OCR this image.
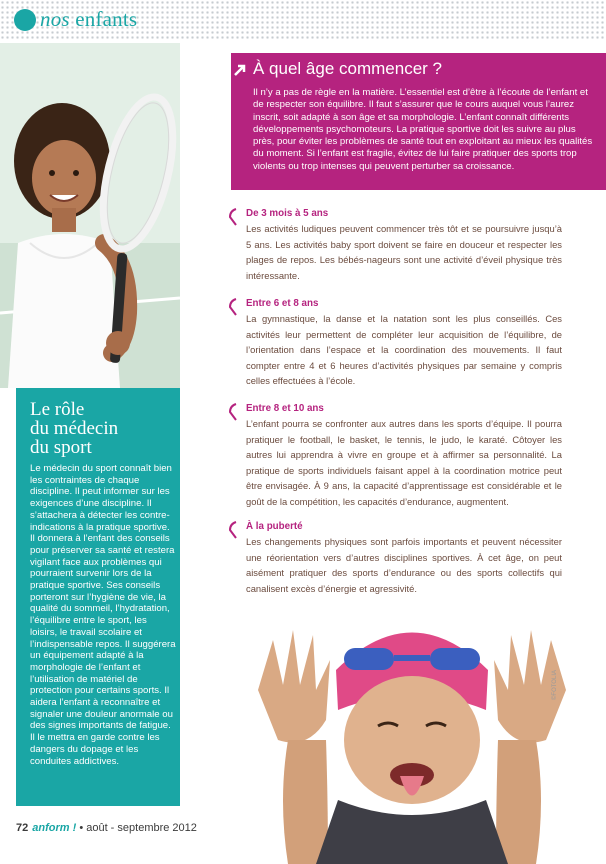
nos enfants
À quel âge commencer ?

Il n’y a pas de règle en la matière. L’essentiel est d’être à l’écoute de l’enfant et de respecter son équilibre. Il faut s’assurer que le cours auquel vous l’aurez inscrit, soit adapté à son âge et sa morphologie. L’enfant connaît différents développements psychomoteurs. La pratique sportive doit les suivre au plus près, pour éviter les problèmes de santé tout en exploitant au mieux les qualités du moment. Si l’enfant est fragile, évitez de lui faire pratiquer des sports trop violents ou trop intenses qui peuvent perturber sa croissance.

De 3 mois à 5 ans

Les activités ludiques peuvent commencer très tôt et se poursuivre jusqu’à 5 ans. Les activités baby sport doivent se faire en douceur et respecter les plages de repos. Les bébés-nageurs sont une activité d’éveil physique très intéressante.

Entre 6 et 8 ans

La gymnastique, la danse et la natation sont les plus conseillés. Ces activités leur permettent de compléter leur acquisition de l’équilibre, de l’orientation dans l’espace et la coordination des mouvements. Il faut compter entre 4 et 6 heures d’activités physiques par semaine y compris celles effectuées à l’école.

Entre 8 et 10 ans

L’enfant pourra se confronter aux autres dans les sports d’équipe. Il pourra pratiquer le football, le basket, le tennis, le judo, le karaté. Côtoyer les autres lui apprendra à vivre en groupe et à affirmer sa personnalité. La pratique de sports individuels faisant appel à la coordination motrice peut être envisagée. À 9 ans, la capacité d’apprentissage est considérable et le goût de la compétition, les capacités d’endurance, augmentent.

À la puberté

Les changements physiques sont parfois importants et peuvent nécessiter une réorientation vers d’autres disciplines sportives. À cet âge, on peut aisément pratiquer des sports d’endurance ou des sports collectifs qui canalisent excès d’énergie et agressivité.

©FOTOLIA
Le rôle
du médecin
du sport

Le médecin du sport connaît bien les contraintes de chaque discipline. Il peut informer sur les exigences d’une discipline. Il s’attachera à détecter les contre-indications à la pratique sportive. Il donnera à l’enfant des conseils pour préserver sa santé et restera vigilant face aux problèmes qui pourraient survenir lors de la pratique sportive. Ses conseils porteront sur l’hygiène de vie, la qualité du sommeil, l’hydratation, l’équilibre entre le sport, les loisirs, le travail scolaire et l’indispensable repos. Il suggérera un équipement adapté à la morphologie de l’enfant et l’utilisation de matériel de protection pour certains sports. Il aidera l’enfant à reconnaître et signaler une douleur anormale ou des signes importants de fatigue. Il le mettra en garde contre les dangers du dopage et les conduites addictives.

72 anform ! • août - septembre 2012
